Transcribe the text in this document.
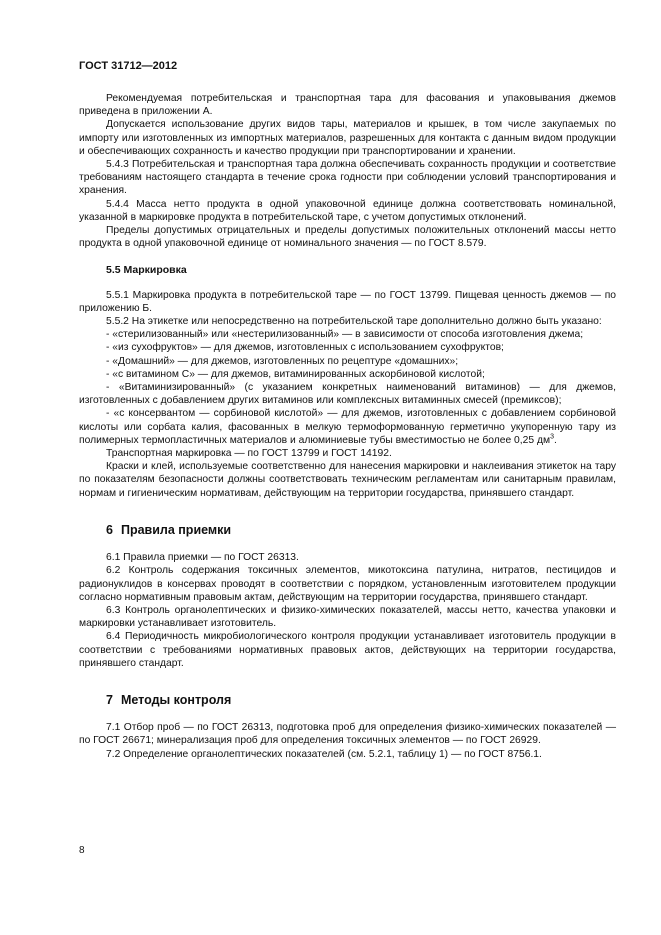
ГОСТ 31712—2012

Рекомендуемая потребительская и транспортная тара для фасования и упаковывания джемов приведена в приложении А.

Допускается использование других видов тары, материалов и крышек, в том числе закупаемых по импорту или изготовленных из импортных материалов, разрешенных для контакта с данным видом продукции и обеспечивающих сохранность и качество продукции при транспортировании и хранении.

5.4.3 Потребительская и транспортная тара должна обеспечивать сохранность продукции и соответствие требованиям настоящего стандарта в течение срока годности при соблюдении условий транспортирования и хранения.

5.4.4 Масса нетто продукта в одной упаковочной единице должна соответствовать номинальной, указанной в маркировке продукта в потребительской таре, с учетом допустимых отклонений.

Пределы допустимых отрицательных и пределы допустимых положительных отклонений массы нетто продукта в одной упаковочной единице от номинального значения — по ГОСТ 8.579.

5.5 Маркировка

5.5.1 Маркировка продукта в потребительской таре — по ГОСТ 13799. Пищевая ценность джемов — по приложению Б.

5.5.2 На этикетке или непосредственно на потребительской таре дополнительно должно быть указано:

- «стерилизованный» или «нестерилизованный» — в зависимости от способа изготовления джема;

- «из сухофруктов» — для джемов, изготовленных с использованием сухофруктов;

- «Домашний» — для джемов, изготовленных по рецептуре «домашних»;

- «с витамином С» — для джемов, витаминированных аскорбиновой кислотой;

- «Витаминизированный» (с указанием конкретных наименований витаминов) — для джемов, изготовленных с добавлением других витаминов или комплексных витаминных смесей (премиксов);

- «с консервантом — сорбиновой кислотой» — для джемов, изготовленных с добавлением сорбиновой кислоты или сорбата калия, фасованных в мелкую термоформованную герметично укупоренную тару из полимерных термопластичных материалов и алюминиевые тубы вместимостью не более 0,25 $дм^3$.

Транспортная маркировка — по ГОСТ 13799 и ГОСТ 14192.

Краски и клей, используемые соответственно для нанесения маркировки и наклеивания этикеток на тару по показателям безопасности должны соответствовать техническим регламентам или санитарным правилам, нормам и гигиеническим нормативам, действующим на территории государства, принявшего стандарт.

6 Правила приемки

6.1 Правила приемки — по ГОСТ 26313.

6.2 Контроль содержания токсичных элементов, микотоксина патулина, нитратов, пестицидов и радионуклидов в консервах проводят в соответствии с порядком, установленным изготовителем продукции согласно нормативным правовым актам, действующим на территории государства, принявшего стандарт.

6.3 Контроль органолептических и физико-химических показателей, массы нетто, качества упаковки и маркировки устанавливает изготовитель.

6.4 Периодичность микробиологического контроля продукции устанавливает изготовитель продукции в соответствии с требованиями нормативных правовых актов, действующих на территории государства, принявшего стандарт.

7 Методы контроля

7.1 Отбор проб — по ГОСТ 26313, подготовка проб для определения физико-химических показателей — по ГОСТ 26671; минерализация проб для определения токсичных элементов — по ГОСТ 26929.

7.2 Определение органолептических показателей (см. 5.2.1, таблицу 1) — по ГОСТ 8756.1.

8
